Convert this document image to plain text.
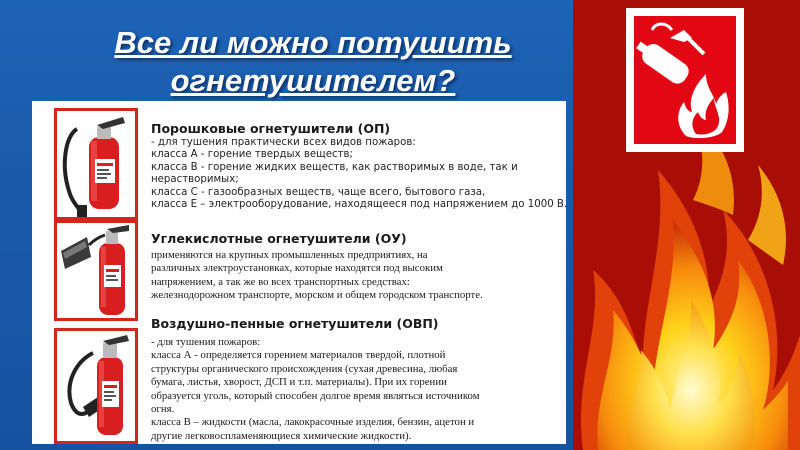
Все ли можно потушить
огнетушителем?
Порошковые огнетушители (ОП)
- для тушения практически всех видов пожаров:
класса А - горение твердых веществ;
класса В - горение жидких веществ, как растворимых в воде, так и
нерастворимых;
класса С - газообразных веществ, чаще всего, бытового газа,
класса Е – электрооборудование, находящееся под напряжением до 1000 В.
Углекислотные огнетушители (ОУ)
применяются на крупных промышленных предприятиях, на
различных электроустановках, которые находятся под высоким
напряжением, а так же во всех транспортных средствах:
железнодорожном транспорте, морском и общем городском транспорте.
Воздушно-пенные огнетушители (ОВП)
- для тушения пожаров:
класса А - определяется горением материалов твердой, плотной
структуры органического происхождения (сухая древесина, любая
бумага, листья, хворост, ДСП и т.п. материалы). При их горении
образуется уголь, который способен долгое время являться источником
огня.
класса В – жидкости (масла, лакокрасочные изделия, бензин, ацетон и
другие легковоспламеняющиеся химические жидкости).
